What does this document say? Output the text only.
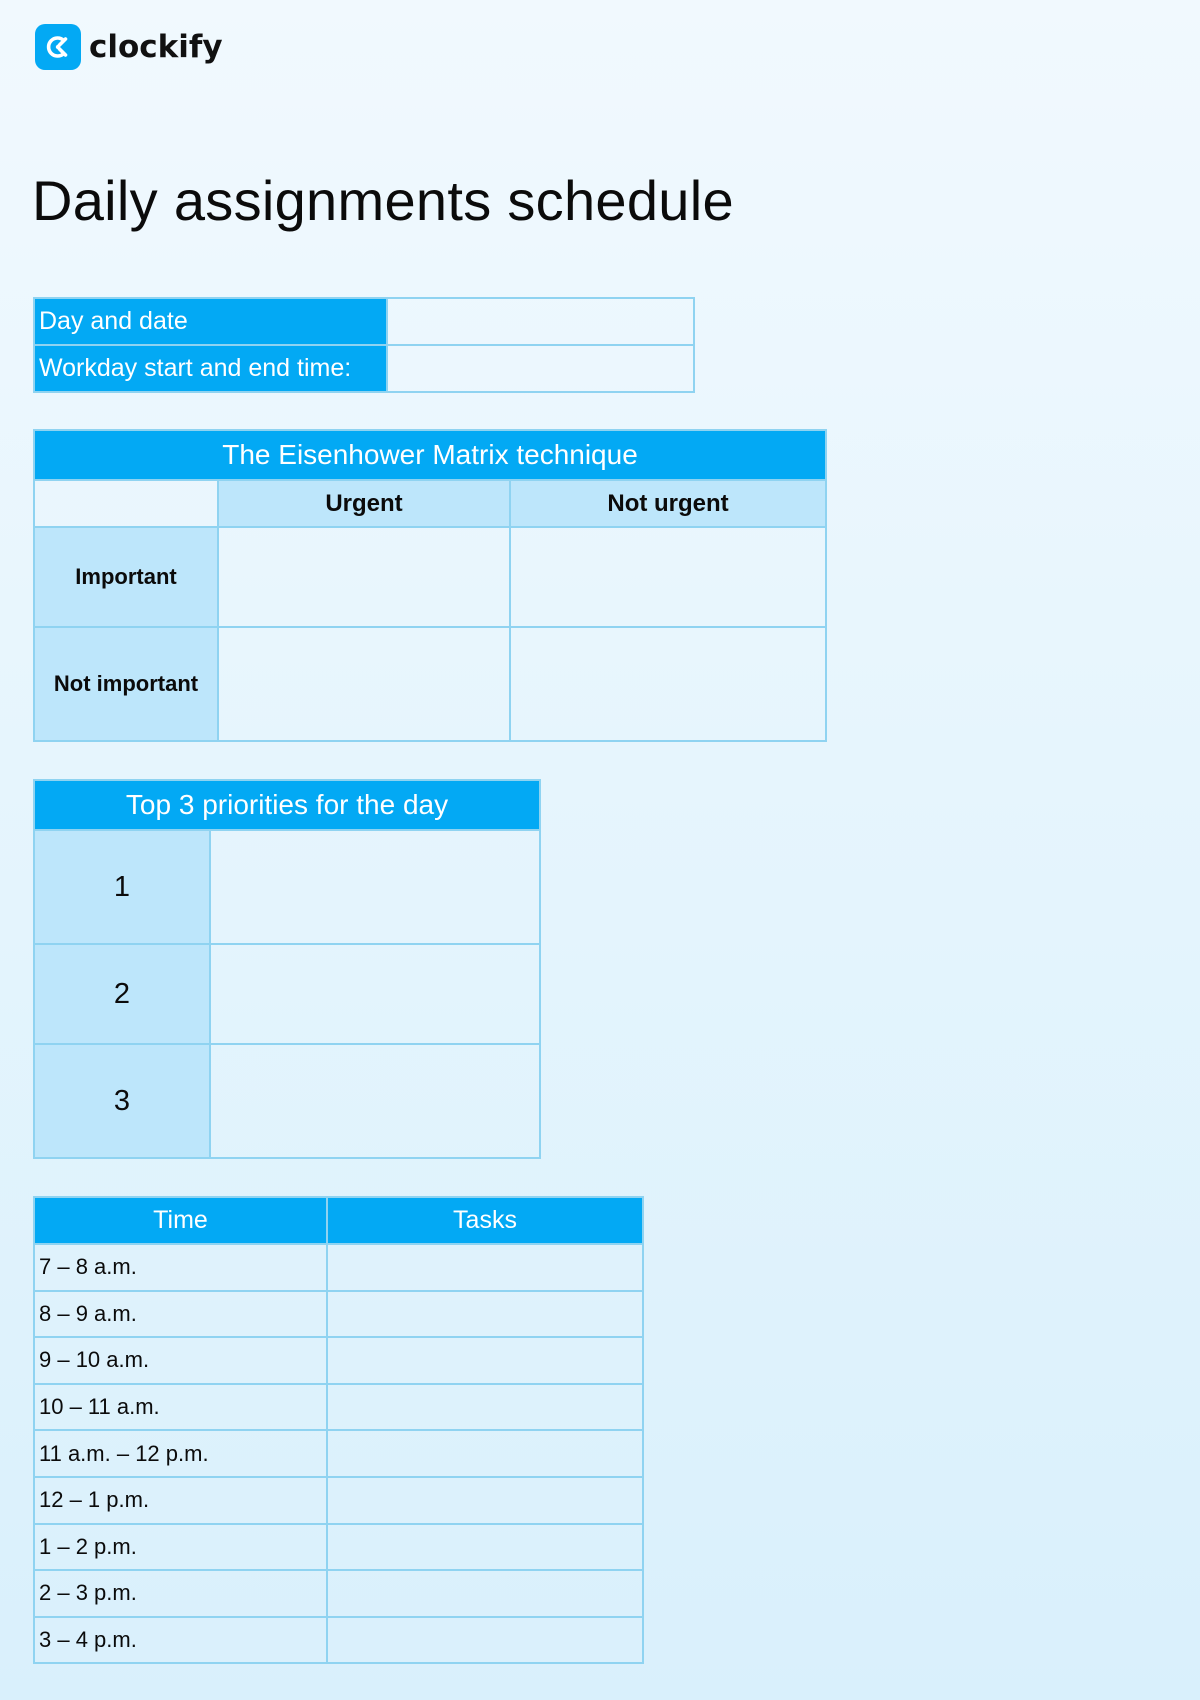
clockify
Daily assignments schedule
Day and date	
Workday start and end time:	
The Eisenhower Matrix technique		
	Urgent	Not urgent
Important		
Not important		
Top 3 priorities for the day	
1	
2	
3	
Time	Tasks
7 – 8 a.m.	
8 – 9 a.m.	
9 – 10 a.m.	
10 – 11 a.m.	
11 a.m. – 12 p.m.	
12 – 1 p.m.	
1 – 2 p.m.	
2 – 3 p.m.	
3 – 4 p.m.	
